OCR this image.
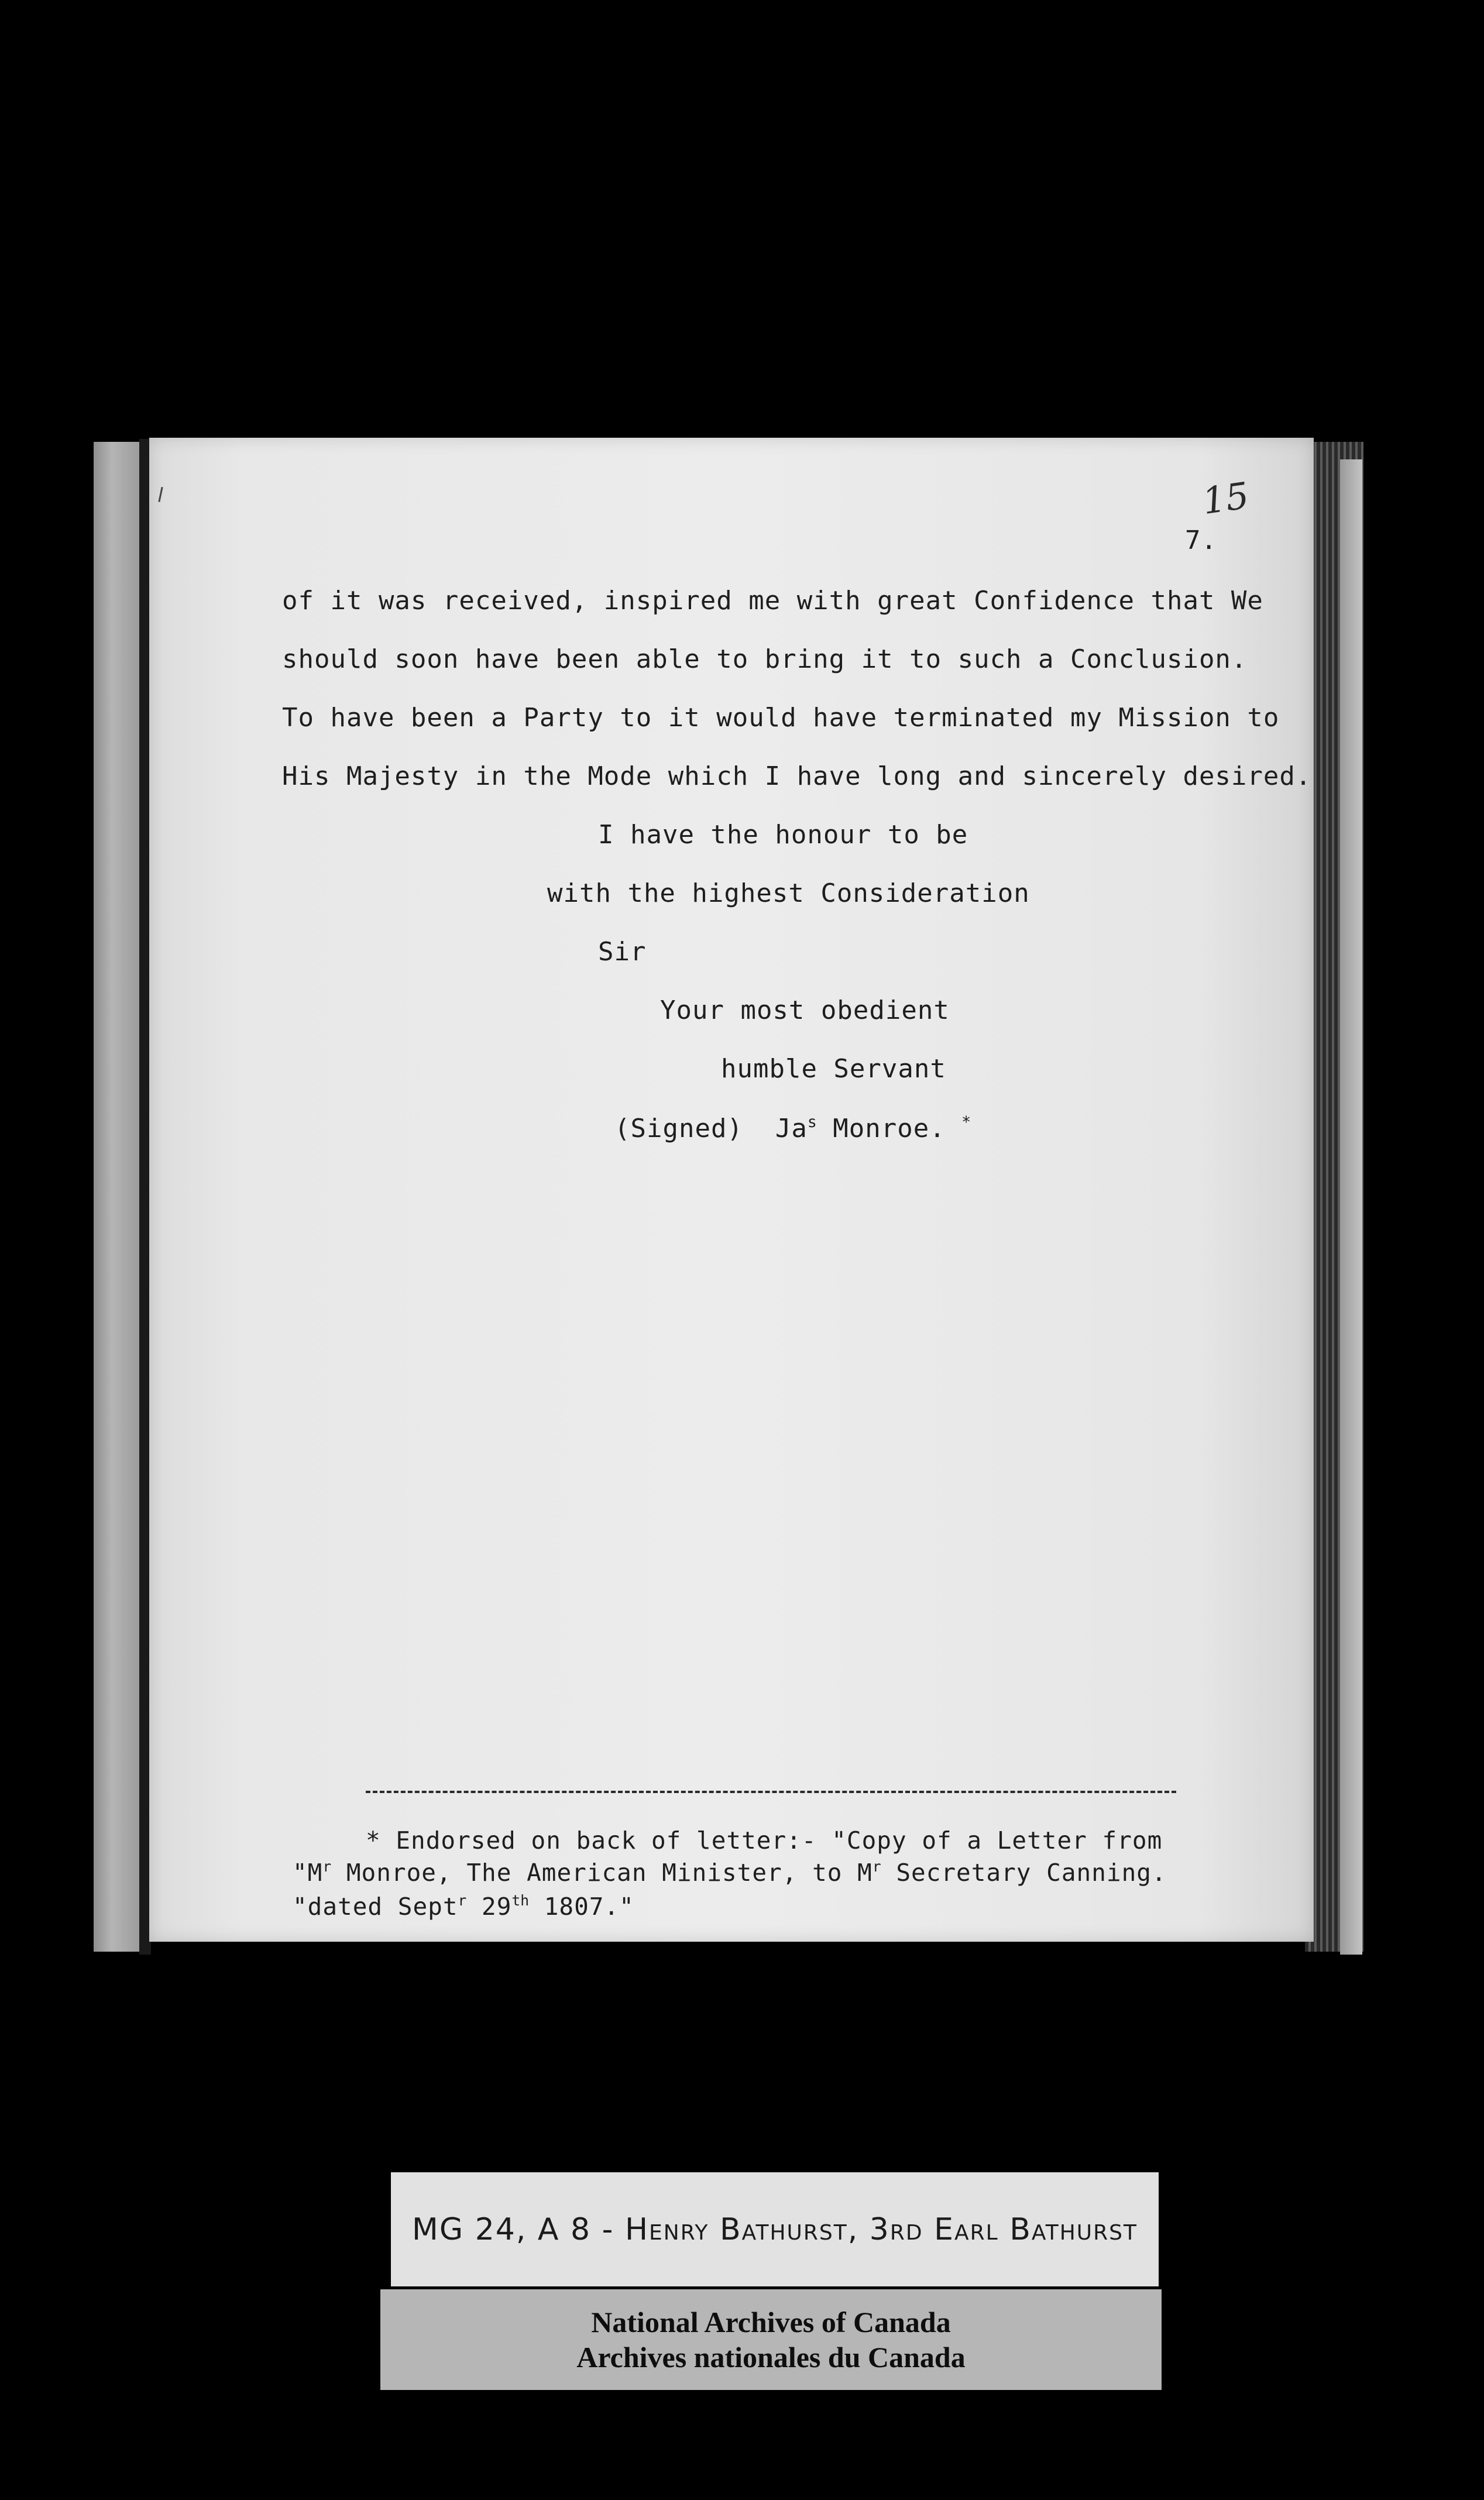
15
7.
of it was received, inspired me with great Confidence that We
should soon have been able to bring it to such a Conclusion.
To have been a Party to it would have terminated my Mission to
His Majesty in the Mode which I have long and sincerely desired.
I have the honour to be
with the highest Consideration
Sir
Your most obedient
humble Servant
(Signed) Ja$^s$ Monroe. *
* Endorsed on back of letter:- "Copy of a Letter from
"$M^r$ Monroe, The American Minister, to $M^r$ Secretary Canning.
"dated Sept$^r$ 29th 1807."
MG 24, A 8 - Henry Bathurst, 3rd Earl Bathurst
National Archives of Canada
Archives nationales du Canada
